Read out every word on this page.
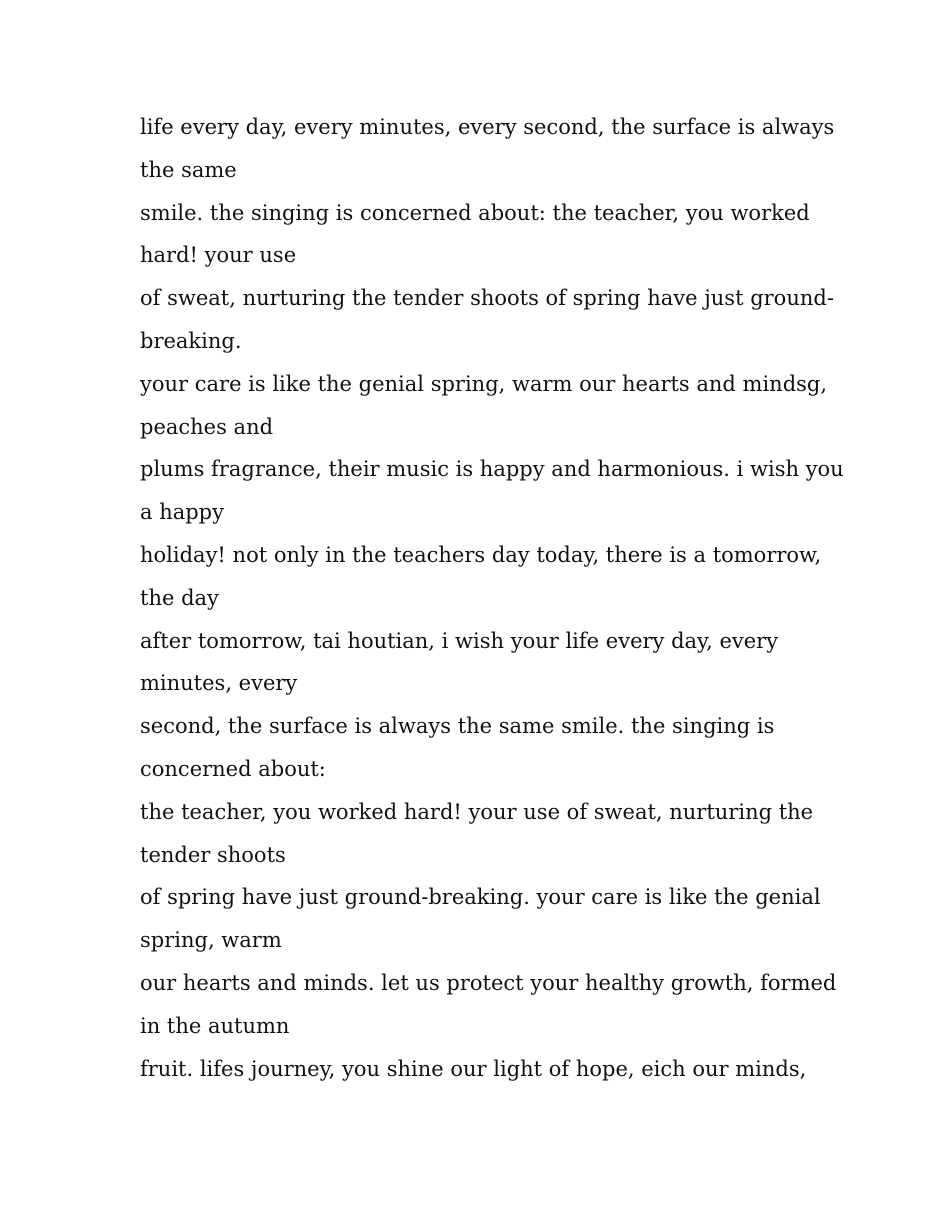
life every day, every minutes, every second, the surface is always

the same

smile. the singing is concerned about: the teacher, you worked

hard! your use

of sweat, nurturing the tender shoots of spring have just ground-

breaking.

your care is like the genial spring, warm our hearts and mindsg,

peaches and

plums fragrance, their music is happy and harmonious. i wish you

a happy

holiday! not only in the teachers day today, there is a tomorrow,

the day

after tomorrow, tai houtian, i wish your life every day, every

minutes, every

second, the surface is always the same smile. the singing is

concerned about:

the teacher, you worked hard! your use of sweat, nurturing the

tender shoots

of spring have just ground-breaking. your care is like the genial

spring, warm

our hearts and minds. let us protect your healthy growth, formed

in the autumn

fruit. lifes journey, you shine our light of hope, eich our minds,
